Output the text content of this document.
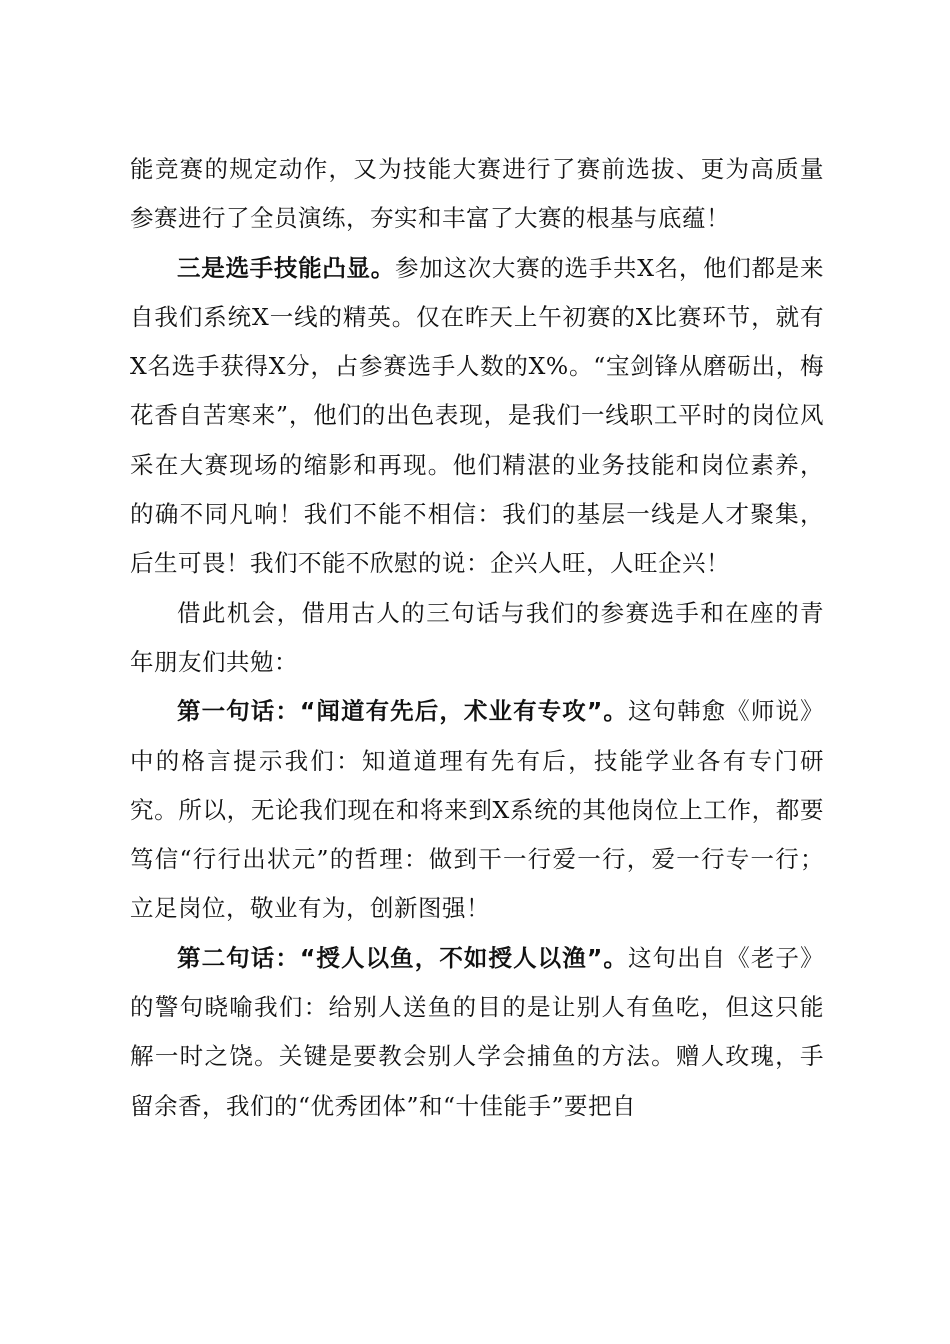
能竞赛的规定动作，又为技能大赛进行了赛前选拔、更为高质量参赛进行了全员演练，夯实和丰富了大赛的根基与底蕴！

三是选手技能凸显。参加这次大赛的选手共X名，他们都是来自我们系统X一线的精英。仅在昨天上午初赛的X比赛环节，就有X名选手获得X分，占参赛选手人数的X%。“宝剑锋从磨砺出，梅花香自苦寒来”，他们的出色表现，是我们一线职工平时的岗位风采在大赛现场的缩影和再现。他们精湛的业务技能和岗位素养，的确不同凡响！我们不能不相信：我们的基层一线是人才聚集，后生可畏！我们不能不欣慰的说：企兴人旺，人旺企兴！

借此机会，借用古人的三句话与我们的参赛选手和在座的青年朋友们共勉：

第一句话：“闻道有先后，术业有专攻”。这句韩愈《师说》中的格言提示我们：知道道理有先有后，技能学业各有专门研究。所以，无论我们现在和将来到X系统的其他岗位上工作，都要笃信“行行出状元”的哲理：做到干一行爱一行，爱一行专一行；立足岗位，敬业有为，创新图强！

第二句话：“授人以鱼，不如授人以渔”。这句出自《老子》的警句晓喻我们：给别人送鱼的目的是让别人有鱼吃，但这只能解一时之饶。关键是要教会别人学会捕鱼的方法。赠人玫瑰，手留余香，我们的“优秀团体”和“十佳能手”要把自
